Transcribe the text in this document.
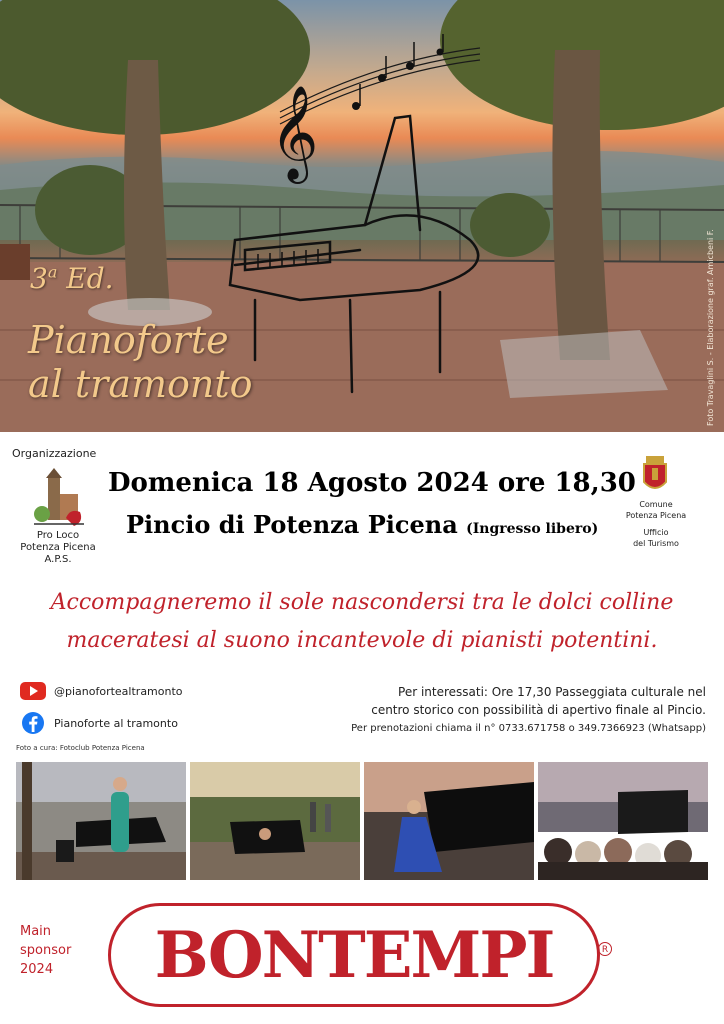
𝄞
3$^a$ Ed.
Pianoforte
al tramonto	Foto Travaglini S. - Elaborazione graf. Amicbeni F.
Organizzazione
Pro Loco
Potenza Picena
A.P.S.
Domenica 18 Agosto 2024 ore 18,30
Pincio di Potenza Picena (Ingresso libero)
Comune
Potenza Picena
Ufficio
del Turismo
Accompagneremo il sole nascondersi tra le dolci colline
maceratesi al suono incantevole di pianisti potentini.
@pianofortealtramonto
Pianoforte al tramonto
Per interessati: Ore 17,30 Passeggiata culturale nel
centro storico con possibilità di apertivo finale al Pincio.
Per prenotazioni chiama il n° 0733.671758 o 349.7366923 (Whatsapp)
Foto a cura: Fotoclub Potenza Picena
Main
sponsor
2024 BONTEMPI	R
